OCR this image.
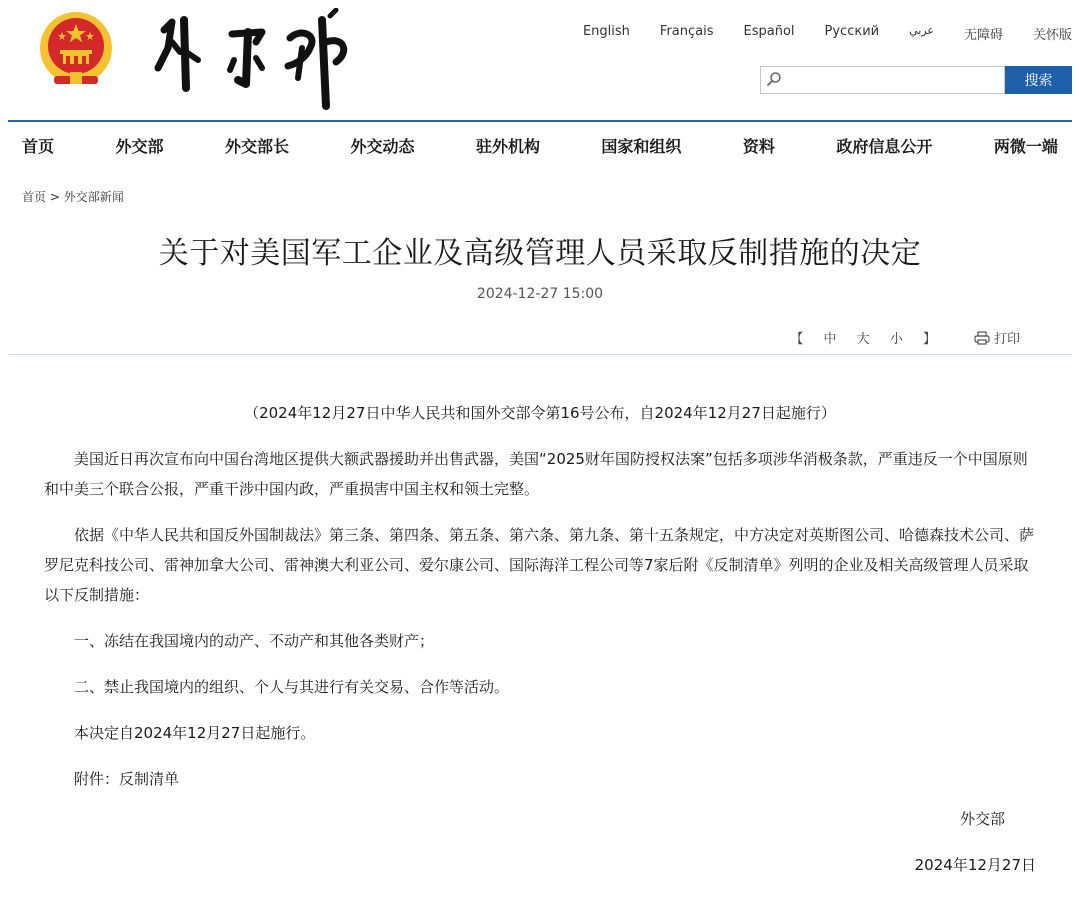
English Français Español Русский	عربي 无障碍 关怀版
搜索
首页	外交部	外交部长	外交动态	驻外机构	国家和组织	资料	政府信息公开	两微一端
首页 > 外交部新闻
关于对美国军工企业及高级管理人员采取反制措施的决定
2024-12-27 15:00
【 中 大 小 】	打印

（2024年12月27日中华人民共和国外交部令第16号公布，自2024年12月27日起施行）

美国近日再次宣布向中国台湾地区提供大额武器援助并出售武器，美国“2025财年国防授权法案”包括多项涉华消极条款，严重违反一个中国原则和中美三个联合公报，严重干涉中国内政，严重损害中国主权和领土完整。

依据《中华人民共和国反外国制裁法》第三条、第四条、第五条、第六条、第九条、第十五条规定，中方决定对英斯图公司、哈德森技术公司、萨罗尼克科技公司、雷神加拿大公司、雷神澳大利亚公司、爱尔康公司、国际海洋工程公司等7家后附《反制清单》列明的企业及相关高级管理人员采取以下反制措施：

一、冻结在我国境内的动产、不动产和其他各类财产；

二、禁止我国境内的组织、个人与其进行有关交易、合作等活动。

本决定自2024年12月27日起施行。

附件：反制清单

外交部
2024年12月27日
